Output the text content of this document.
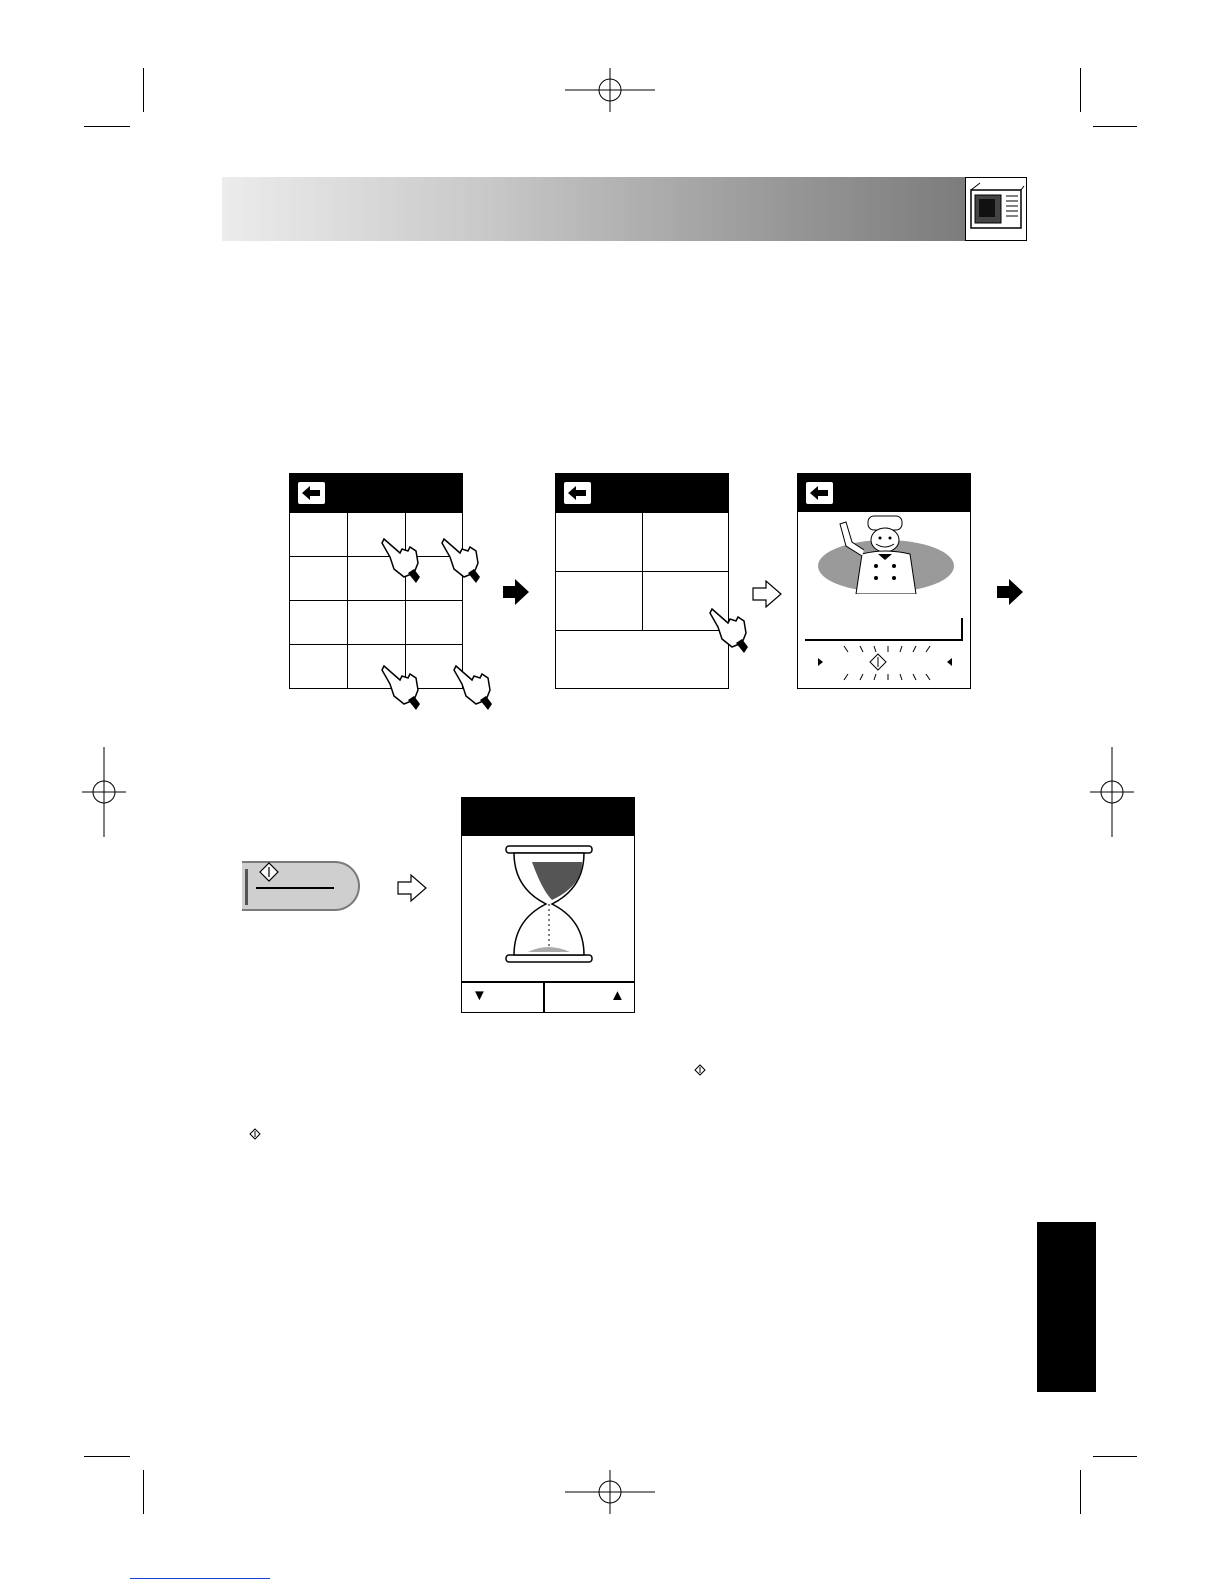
▼	▲
